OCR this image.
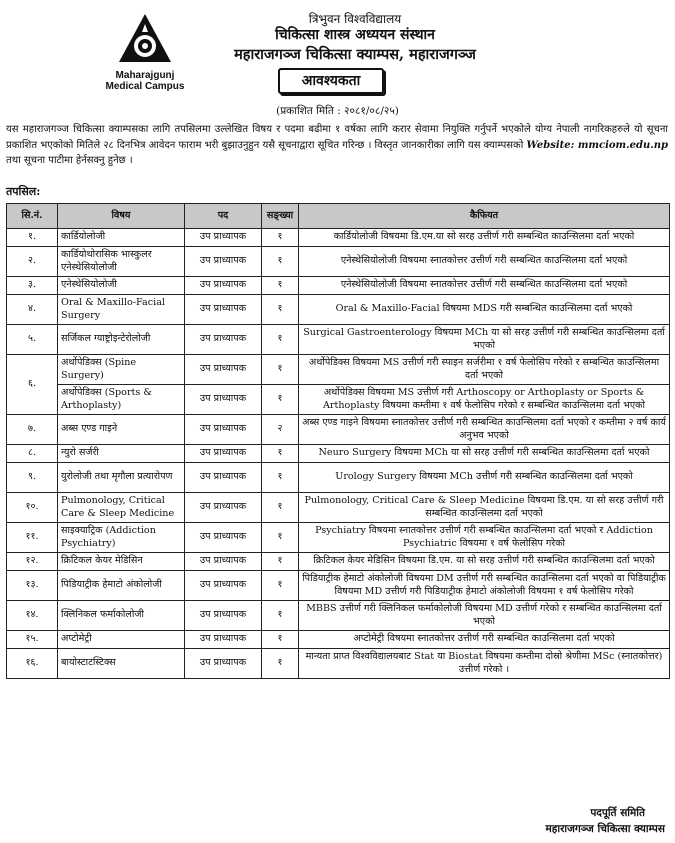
Maharajgunj
Medical Campus
त्रिभुवन विश्वविद्यालय
चिकित्सा शास्त्र अध्ययन संस्थान
महाराजगञ्ज चिकित्सा क्याम्पस, महाराजगञ्ज
आवश्यकता
(प्रकाशित मिति : २०८१/०८/२५)
यस महाराजगञ्ज चिकित्सा क्याम्पसका लागि तपसिलमा उल्लेखित विषय र पदमा बढीमा १ वर्षका लागि करार सेवामा नियुक्ति गर्नुपर्ने भएकोले योग्य नेपाली नागरिकहरुले यो सूचना प्रकाशित भएकोको मितिले २८ दिनभित्र आवेदन फाराम भरी बुझाउनुहुन यसै सूचनाद्वारा सूचित गरिन्छ । विस्तृत जानकारीका लागि यस क्याम्पसको Website: mmciom.edu.np तथा सूचना पाटीमा हेर्नसक्नु हुनेछ ।
तपसिल:
सि.नं.	विषय	पद	सङ्ख्या	कैफियत
१.	कार्डियोलोजी	उप प्राध्यापक	१	कार्डियोलोजी विषयमा डि.एम.या सो सरह उत्तीर्ण गरी सम्बन्धित काउन्सिलमा दर्ता भएको
२.	कार्डियोथोरासिक भास्कुलर एनेस्थेसियोलोजी	उप प्राध्यापक	१	एनेस्थेसियोलोजी विषयमा स्नातकोत्तर उत्तीर्ण गरी सम्बन्धित काउन्सिलमा दर्ता भएको
३.	एनेस्थेसियोलोजी	उप प्राध्यापक	१	एनेस्थेसियोलोजी विषयमा स्नातकोत्तर उत्तीर्ण गरी सम्बन्धित काउन्सिलमा दर्ता भएको
४.	Oral & Maxillo-Facial Surgery	उप प्राध्यापक	१	Oral & Maxillo-Facial विषयमा MDS गरी सम्बन्धित काउन्सिलमा दर्ता भएको
५.	सर्जिकल ग्याष्ट्रोइन्टेरोलोजी	उप प्राध्यापक	१	Surgical Gastroenterology विषयमा MCh या सो सरह उत्तीर्ण गरी सम्बन्धित काउन्सिलमा दर्ता भएको
६.	अर्थोपेडिक्स (Spine Surgery)	उप प्राध्यापक	१	अर्थोपेडिक्स विषयमा MS उत्तीर्ण गरी स्पाइन सर्जरीमा १ वर्ष फेलोसिप गरेको र सम्बन्धित काउन्सिलमा दर्ता भएको
	अर्थोपेडिक्स (Sports & Arthoplasty)	उप प्राध्यापक	१	अर्थोपेडिक्स विषयमा MS उत्तीर्ण गरी Arthoscopy or Arthoplasty or Sports & Arthoplasty विषयमा कम्तीमा १ वर्ष फेलोसिप गरेको र सम्बन्धित काउन्सिलमा दर्ता भएको
७.	अब्स एण्ड गाइने	उप प्राध्यापक	२	अब्स एण्ड गाइने विषयमा स्नातकोत्तर उत्तीर्ण गरी सम्बन्धित काउन्सिलमा दर्ता भएको र कम्तीमा २ वर्ष कार्य अनुभव भएको
८.	न्युरो सर्जरी	उप प्राध्यापक	१	Neuro Surgery विषयमा MCh या सो सरह उत्तीर्ण गरी सम्बन्धित काउन्सिलमा दर्ता भएको
९.	युरोलोजी तथा मृगौला प्रत्यारोपण	उप प्राध्यापक	१	Urology Surgery विषयमा MCh उत्तीर्ण गरी सम्बन्धित काउन्सिलमा दर्ता भएको
१०.	Pulmonology, Critical Care & Sleep Medicine	उप प्राध्यापक	१	Pulmonology, Critical Care & Sleep Medicine विषयमा डि.एम. या सो सरह उत्तीर्ण गरी सम्बन्धित काउन्सिलमा दर्ता भएको
११.	साइक्याट्रिक (Addiction Psychiatry)	उप प्राध्यापक	१	Psychiatry विषयमा स्नातकोत्तर उत्तीर्ण गरी सम्बन्धित काउन्सिलमा दर्ता भएको र Addiction Psychiatric विषयमा १ वर्ष फेलोसिप गरेको
१२.	क्रिटिकल केयर मेडिसिन	उप प्राध्यापक	१	क्रिटिकल केयर मेडिसिन विषयमा डि.एम. या सो सरह उत्तीर्ण गरी सम्बन्धित काउन्सिलमा दर्ता भएको
१३.	पिडियाट्रीक हेमाटो अंकोलोजी	उप प्राध्यापक	१	पिडियाट्रीक हेमाटो अंकोलोजी विषयमा DM उत्तीर्ण गरी सम्बन्धित काउन्सिलमा दर्ता भएको वा पिडियाट्रीक विषयमा MD उत्तीर्ण गरी पिडियाट्रीक हेमाटो अंकोलोजी विषयमा १ वर्ष फेलोसिप गरेको
१४.	क्लिनिकल फर्माकोलोजी	उप प्राध्यापक	१	MBBS उत्तीर्ण गरी क्लिनिकल फर्माकोलोजी विषयमा MD उत्तीर्ण गरेको र सम्बन्धित काउन्सिलमा दर्ता भएको
१५.	अप्टोमेट्री	उप प्राध्यापक	१	अप्टोमेट्री विषयमा स्नातकोत्तर उत्तीर्ण गरी सम्बन्धित काउन्सिलमा दर्ता भएको
१६.	बायोस्टाटस्टिक्स	उप प्राध्यापक	१	मान्यता प्राप्त विश्वविद्यालयबाट Stat या Biostat विषयमा कम्तीमा दोस्रो श्रेणीमा MSc (स्नातकोत्तर) उत्तीर्ण गरेको ।
पदपूर्ति समिति
महाराजगञ्ज चिकित्सा क्याम्पस
